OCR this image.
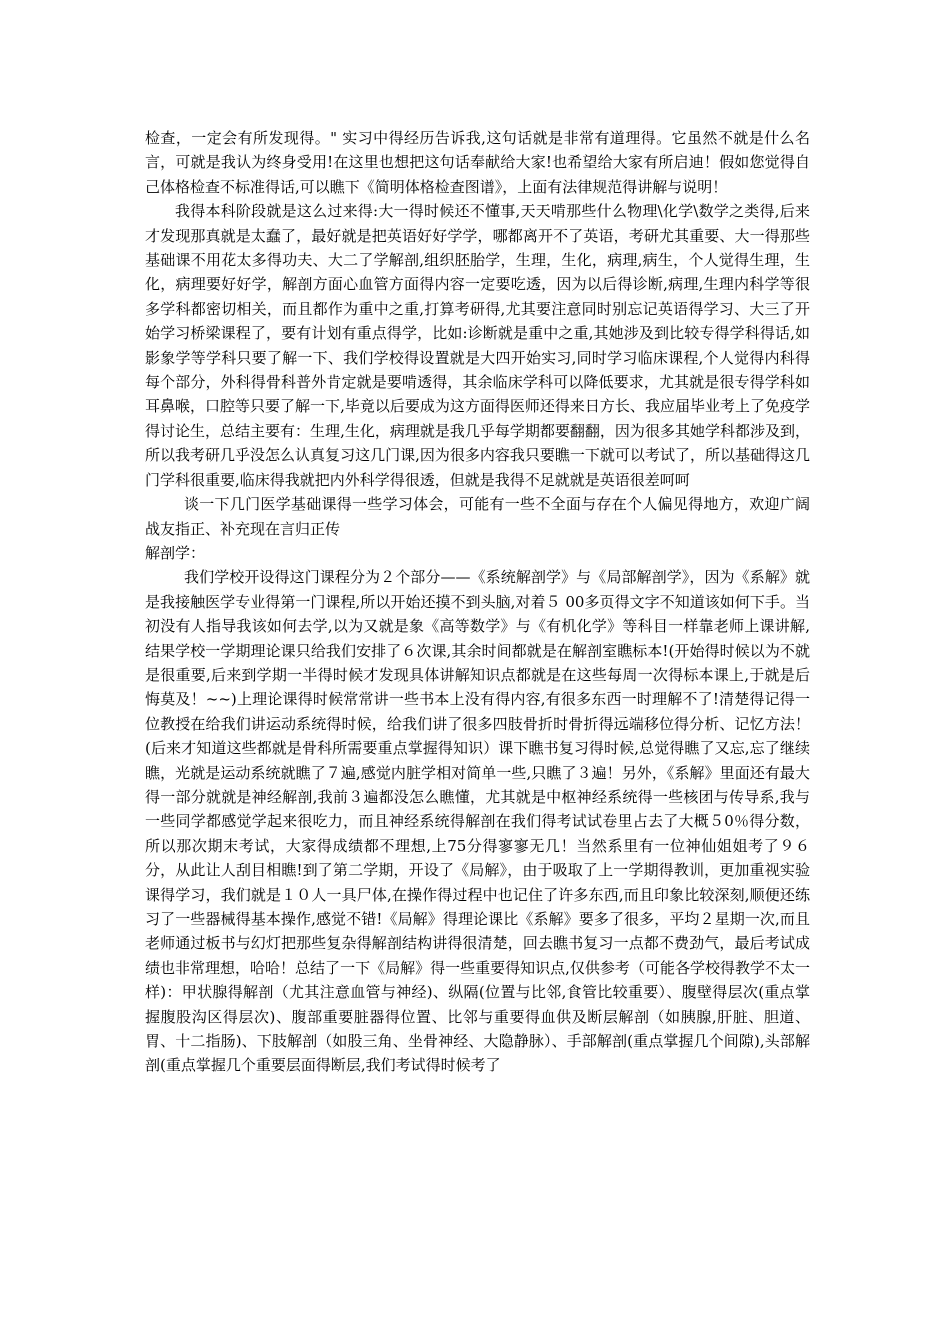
检查，一定会有所发现得。" 实习中得经历告诉我,这句话就是非常有道理得。它虽然不就是什么名言，可就是我认为终身受用!在这里也想把这句话奉献给大家!也希望给大家有所启迪！假如您觉得自己体格检查不标准得话,可以瞧下《简明体格检查图谱》，上面有法律规范得讲解与说明！

我得本科阶段就是这么过来得:大一得时候还不懂事,天天啃那些什么物理\化学\数学之类得,后来才发现那真就是太蠢了，最好就是把英语好好学学，哪都离开不了英语，考研尤其重要、大一得那些基础课不用花太多得功夫、大二了学解剖,组织胚胎学，生理，生化，病理,病生，个人觉得生理，生化，病理要好好学，解剖方面心血管方面得内容一定要吃透，因为以后得诊断,病理,生理内科学等很多学科都密切相关，而且都作为重中之重,打算考研得,尤其要注意同时别忘记英语得学习、大三了开始学习桥梁课程了，要有计划有重点得学，比如:诊断就是重中之重,其她涉及到比较专得学科得话,如影象学等学科只要了解一下、我们学校得设置就是大四开始实习,同时学习临床课程,个人觉得内科得每个部分，外科得骨科普外肯定就是要啃透得，其余临床学科可以降低要求，尤其就是很专得学科如耳鼻喉，口腔等只要了解一下,毕竟以后要成为这方面得医师还得来日方长、我应届毕业考上了免疫学得讨论生，总结主要有：生理,生化，病理就是我几乎每学期都要翻翻，因为很多其她学科都涉及到，所以我考研几乎没怎么认真复习这几门课,因为很多内容我只要瞧一下就可以考试了，所以基础得这几门学科很重要,临床得我就把内外科学得很透，但就是我得不足就就是英语很差呵呵

谈一下几门医学基础课得一些学习体会，可能有一些不全面与存在个人偏见得地方，欢迎广阔战友指正、补充现在言归正传

解剖学：

我们学校开设得这门课程分为２个部分——《系统解剖学》与《局部解剖学》，因为《系解》就是我接触医学专业得第一门课程,所以开始还摸不到头脑,对着５ 00多页得文字不知道该如何下手。当初没有人指导我该如何去学,以为又就是象《高等数学》与《有机化学》等科目一样靠老师上课讲解,结果学校一学期理论课只给我们安排了６次课,其余时间都就是在解剖室瞧标本!(开始得时候以为不就是很重要,后来到学期一半得时候才发现具体讲解知识点都就是在这些每周一次得标本课上,于就是后悔莫及！~~)上理论课得时候常常讲一些书本上没有得内容,有很多东西一时理解不了!清楚得记得一位教授在给我们讲运动系统得时候，给我们讲了很多四肢骨折时骨折得远端移位得分析、记忆方法！(后来才知道这些都就是骨科所需要重点掌握得知识）课下瞧书复习得时候,总觉得瞧了又忘,忘了继续瞧，光就是运动系统就瞧了７遍,感觉内脏学相对简单一些,只瞧了３遍！另外，《系解》里面还有最大得一部分就就是神经解剖,我前３遍都没怎么瞧懂，尤其就是中枢神经系统得一些核团与传导系,我与一些同学都感觉学起来很吃力，而且神经系统得解剖在我们得考试试卷里占去了大概５0％得分数，所以那次期末考试，大家得成绩都不理想,上75分得寥寥无几！当然系里有一位神仙姐姐考了９６分，从此让人刮目相瞧!到了第二学期，开设了《局解》，由于吸取了上一学期得教训，更加重视实验课得学习，我们就是１０人一具尸体,在操作得过程中也记住了许多东西,而且印象比较深刻,顺便还练习了一些器械得基本操作,感觉不错!《局解》得理论课比《系解》要多了很多，平均２星期一次,而且老师通过板书与幻灯把那些复杂得解剖结构讲得很清楚，回去瞧书复习一点都不费劲气，最后考试成绩也非常理想，哈哈！总结了一下《局解》得一些重要得知识点,仅供参考（可能各学校得教学不太一样)：甲状腺得解剖（尤其注意血管与神经)、纵隔(位置与比邻,食管比较重要）、腹壁得层次(重点掌握腹股沟区得层次)、腹部重要脏器得位置、比邻与重要得血供及断层解剖（如胰腺,肝脏、胆道、胃、十二指肠)、下肢解剖（如股三角、坐骨神经、大隐静脉）、手部解剖(重点掌握几个间隙),头部解剖(重点掌握几个重要层面得断层,我们考试得时候考了
